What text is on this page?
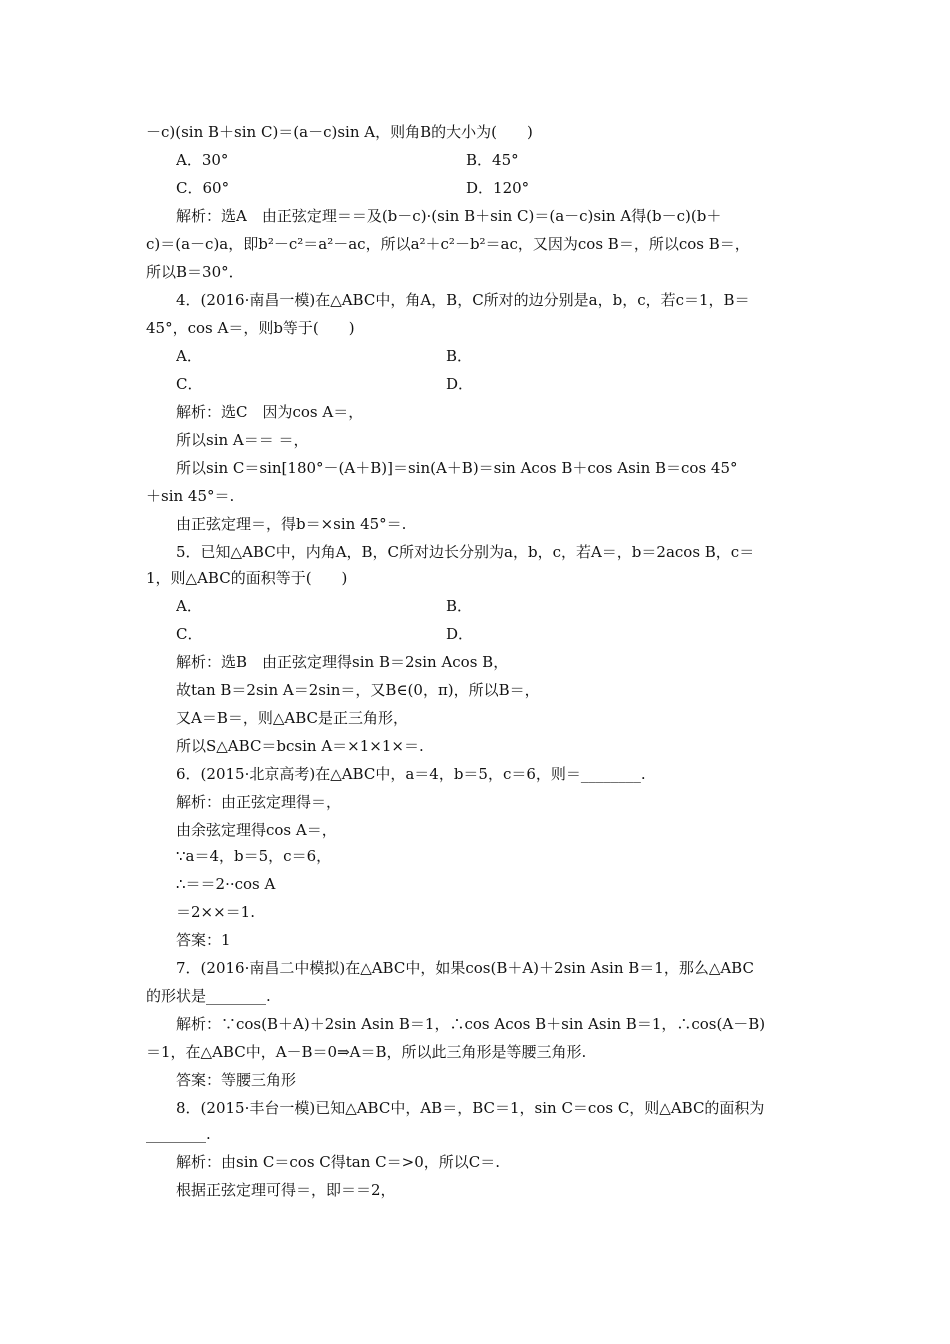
－c)(sin B＋sin C)＝(a－c)sin A，则角B的大小为(　　)
A．30°	B．45°
C．60°	D．120°
解析：选A　由正弦定理＝＝及(b－c)·(sin B＋sin C)＝(a－c)sin A得(b－c)(b＋
c)＝(a－c)a，即b²－c²＝a²－ac，所以a²＋c²－b²＝ac，又因为cos B＝，所以cos B＝，
所以B＝30°．
4．(2016·南昌一模)在△ABC中，角A，B，C所对的边分别是a，b，c，若c＝1，B＝
45°，cos A＝，则b等于(　　)
A．	B．
C．	D．
解析：选C　因为cos A＝，
所以sin A＝＝ ＝，
所以sin C＝sin[180°－(A＋B)]＝sin(A＋B)＝sin Acos B＋cos Asin B＝cos 45°
＋sin 45°＝.
由正弦定理＝，得b＝×sin 45°＝.
5．已知△ABC中，内角A，B，C所对边长分别为a，b，c，若A＝，b＝2acos B，c＝
1，则△ABC的面积等于(　　)
A．	B．
C．	D．
解析：选B　由正弦定理得sin B＝2sin Acos B，
故tan B＝2sin A＝2sin＝，又B∈(0，π)，所以B＝，
又A＝B＝，则△ABC是正三角形，
所以S△ABC＝bcsin A＝×1×1×＝.
6．(2015·北京高考)在△ABC中，a＝4，b＝5，c＝6，则＝________.
解析：由正弦定理得＝，
由余弦定理得cos A＝，
∵a＝4，b＝5，c＝6，
∴＝＝2··cos A
＝2××＝1.
答案：1
7．(2016·南昌二中模拟)在△ABC中，如果cos(B＋A)＋2sin Asin B＝1，那么△ABC
的形状是________.
解析：∵cos(B＋A)＋2sin Asin B＝1，∴cos Acos B＋sin Asin B＝1，∴cos(A－B)
＝1，在△ABC中，A－B＝0⇒A＝B，所以此三角形是等腰三角形.
答案：等腰三角形
8．(2015·丰台一模)已知△ABC中，AB＝，BC＝1，sin C＝cos C，则△ABC的面积为
________.
解析：由sin C＝cos C得tan C＝>0，所以C＝.
根据正弦定理可得＝，即＝＝2，
